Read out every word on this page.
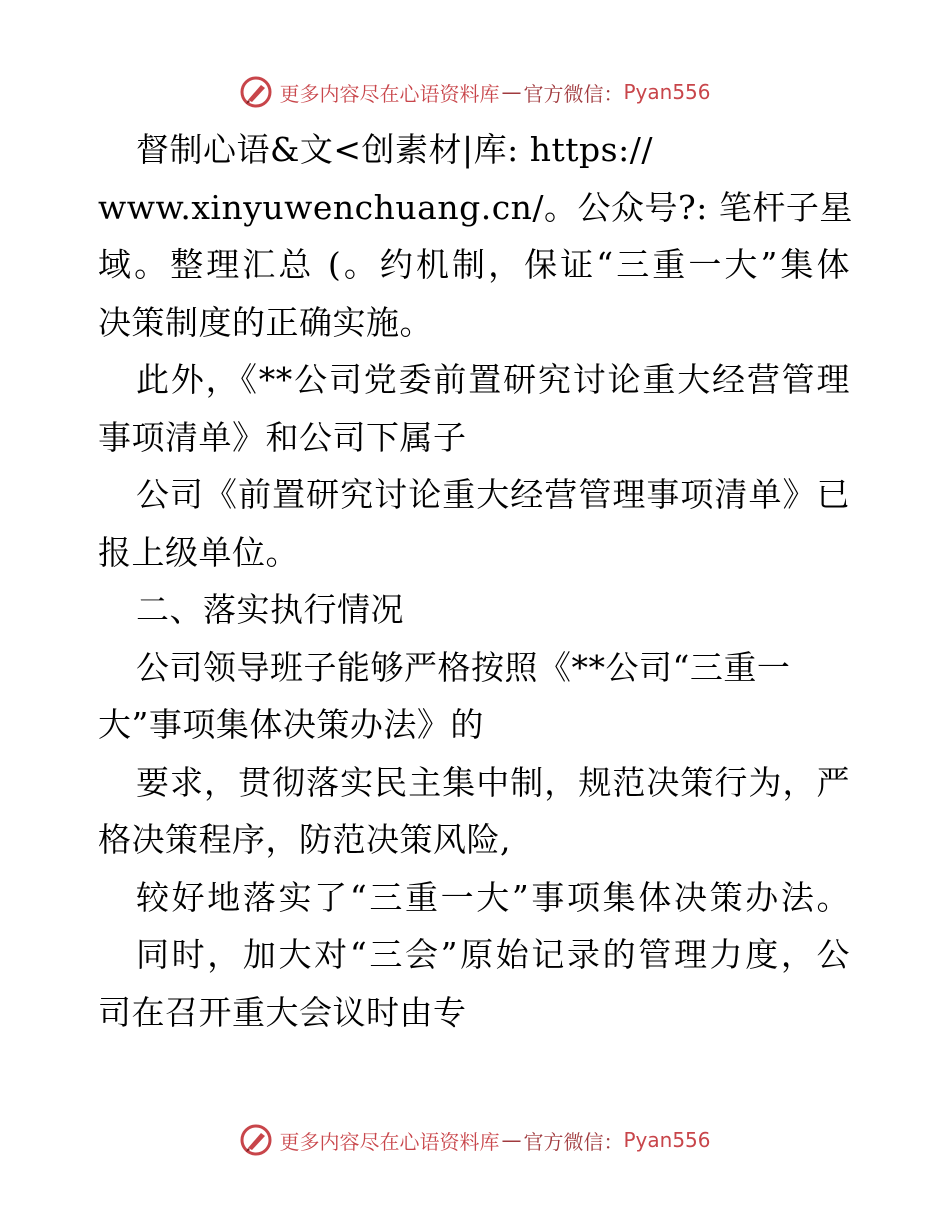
更多内容尽在心语资料库 — 官方微信： Pyan556
督制心语&文<创素材|库: https://
www.xinyuwenchuang.cn/。公众号?: 笔杆子星
域。整理汇总 (。约机制，保证“三重一大”集体
决策制度的正确实施。
此外，《**公司党委前置研究讨论重大经营管理
事项清单》和公司下属子
公司《前置研究讨论重大经营管理事项清单》已
报上级单位。
二、落实执行情况
公司领导班子能够严格按照《**公司“三重一
大”事项集体决策办法》的
要求，贯彻落实民主集中制，规范决策行为，严
格决策程序，防范决策风险,
较好地落实了“三重一大”事项集体决策办法。
同时，加大对“三会”原始记录的管理力度，公
司在召开重大会议时由专
更多内容尽在心语资料库 — 官方微信： Pyan556
